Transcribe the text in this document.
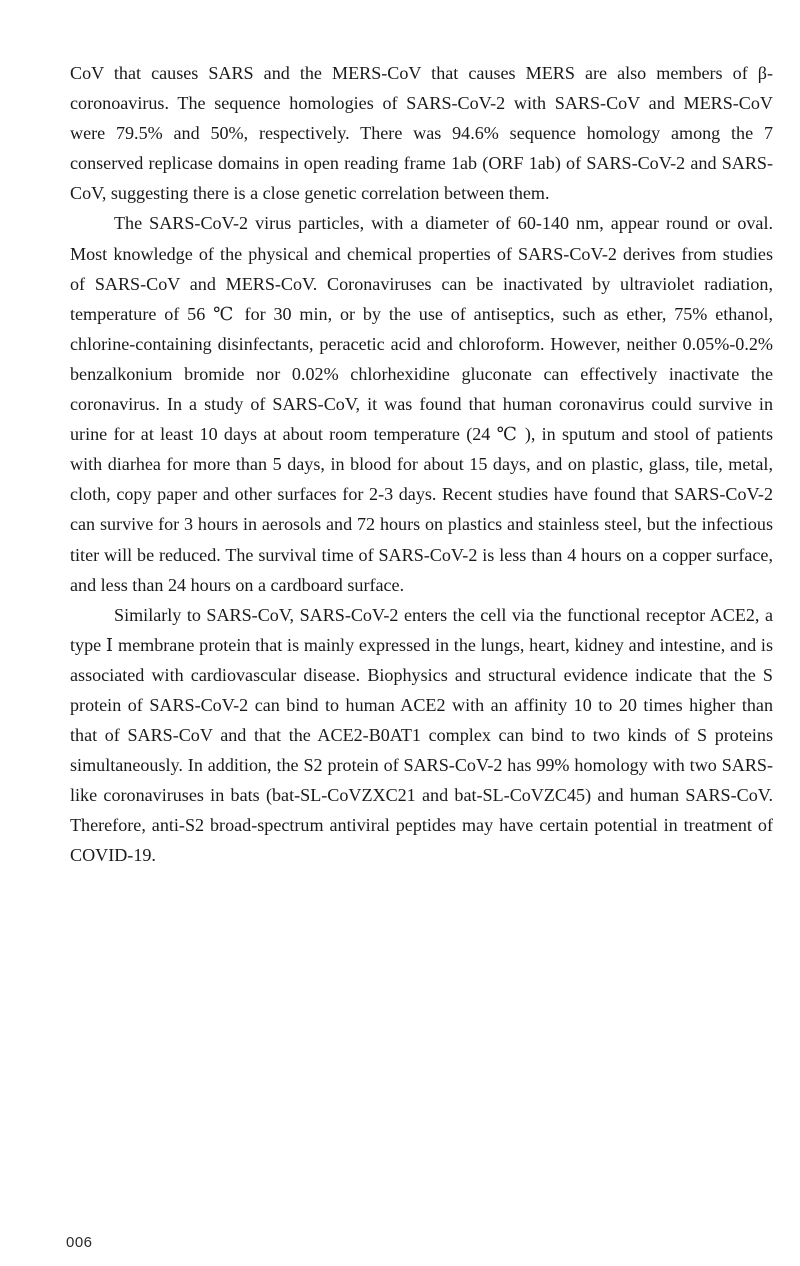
CoV that causes SARS and the MERS-CoV that causes MERS are also members of β-coronoavirus. The sequence homologies of SARS-CoV-2 with SARS-CoV and MERS-CoV were 79.5% and 50%, respectively. There was 94.6% sequence homology among the 7 conserved replicase domains in open reading frame 1ab (ORF 1ab) of SARS-CoV-2 and SARS-CoV, suggesting there is a close genetic correlation between them.

The SARS-CoV-2 virus particles, with a diameter of 60-140 nm, appear round or oval. Most knowledge of the physical and chemical properties of SARS-CoV-2 derives from studies of SARS-CoV and MERS-CoV. Coronaviruses can be inactivated by ultraviolet radiation, temperature of 56 ℃ for 30 min, or by the use of antiseptics, such as ether, 75% ethanol, chlorine-containing disinfectants, peracetic acid and chloroform. However, neither 0.05%-0.2% benzalkonium bromide nor 0.02% chlorhexidine gluconate can effectively inactivate the coronavirus. In a study of SARS-CoV, it was found that human coronavirus could survive in urine for at least 10 days at about room temperature (24 ℃ ), in sputum and stool of patients with diarhea for more than 5 days, in blood for about 15 days, and on plastic, glass, tile, metal, cloth, copy paper and other surfaces for 2-3 days. Recent studies have found that SARS-CoV-2 can survive for 3 hours in aerosols and 72 hours on plastics and stainless steel, but the infectious titer will be reduced. The survival time of SARS-CoV-2 is less than 4 hours on a copper surface, and less than 24 hours on a cardboard surface.

Similarly to SARS-CoV, SARS-CoV-2 enters the cell via the functional receptor ACE2, a type Ⅰ membrane protein that is mainly expressed in the lungs, heart, kidney and intestine, and is associated with cardiovascular disease. Biophysics and structural evidence indicate that the S protein of SARS-CoV-2 can bind to human ACE2 with an affinity 10 to 20 times higher than that of SARS-CoV and that the ACE2-B0AT1 complex can bind to two kinds of S proteins simultaneously. In addition, the S2 protein of SARS-CoV-2 has 99% homology with two SARS-like coronaviruses in bats (bat-SL-CoVZXC21 and bat-SL-CoVZC45) and human SARS-CoV. Therefore, anti-S2 broad-spectrum antiviral peptides may have certain potential in treatment of COVID-19.

006
